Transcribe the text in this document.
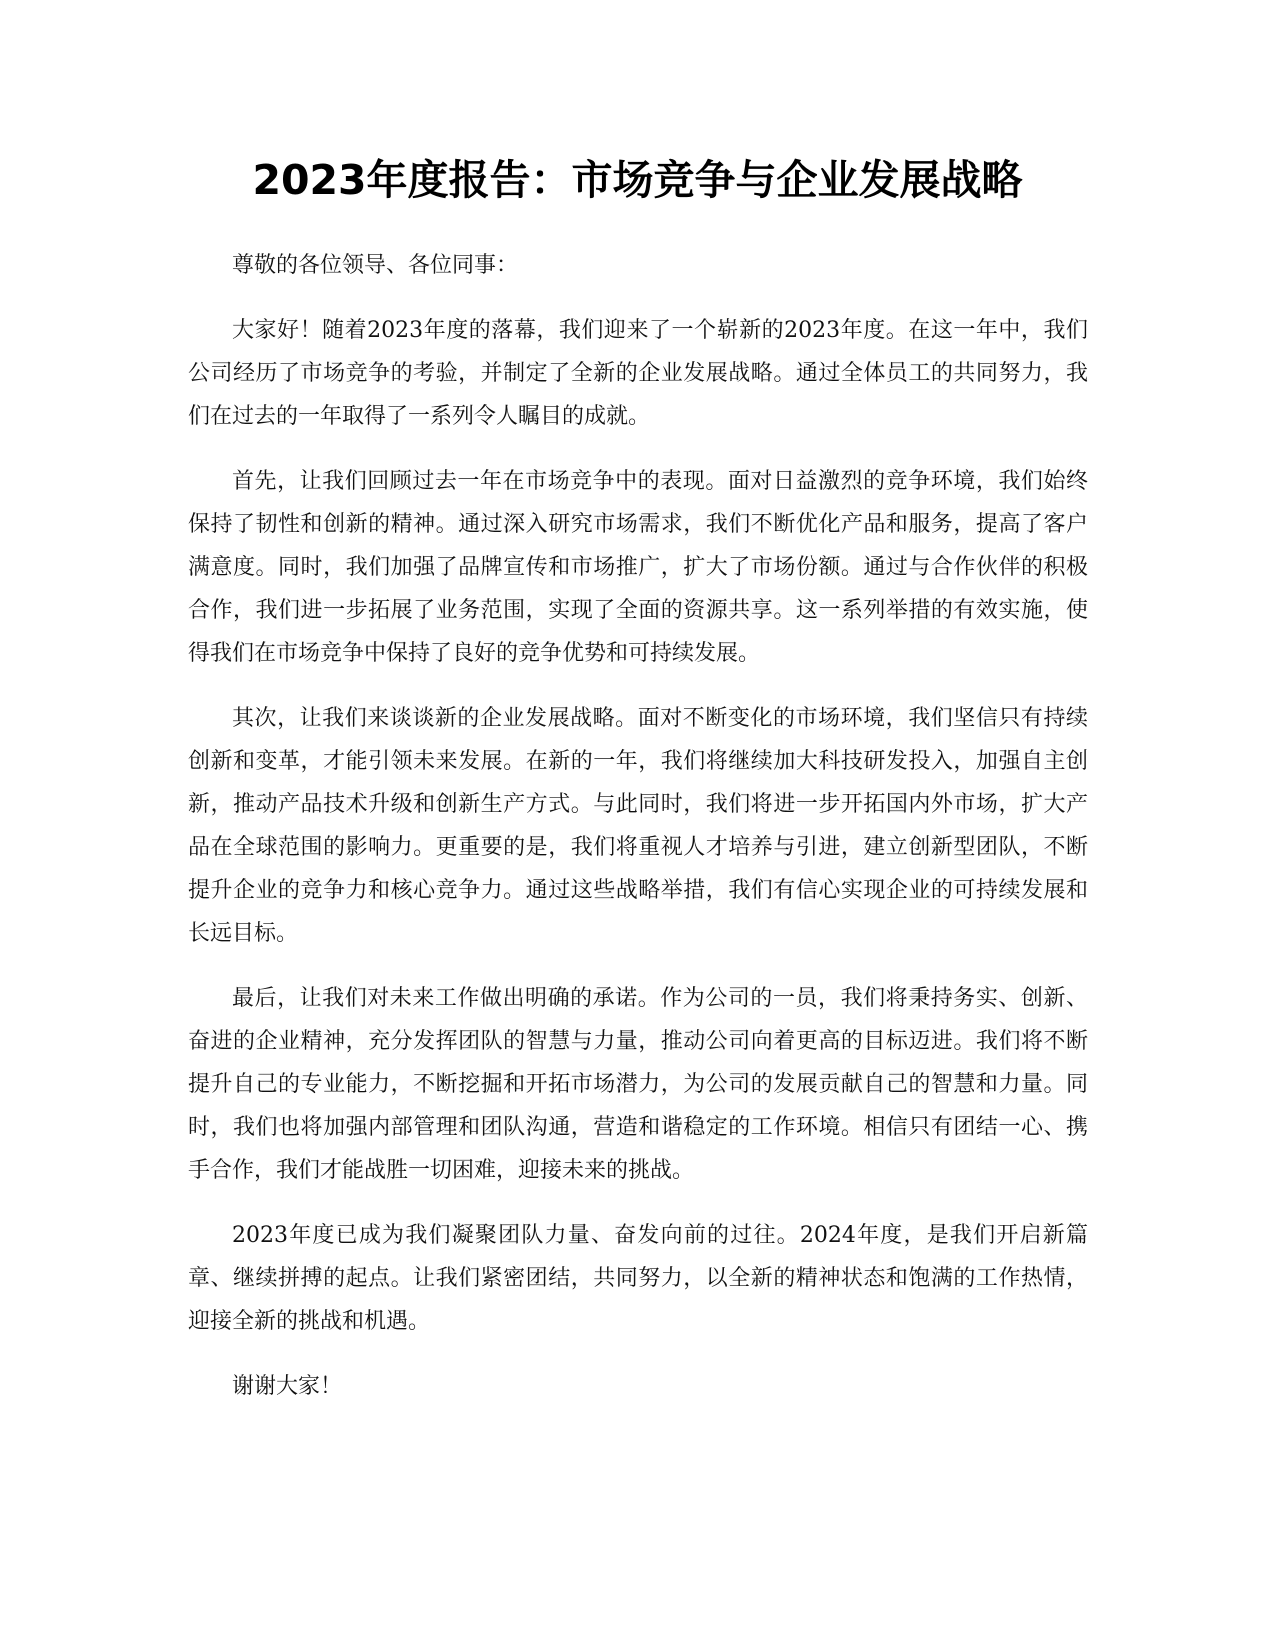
2023年度报告：市场竞争与企业发展战略

尊敬的各位领导、各位同事：

大家好！随着2023年度的落幕，我们迎来了一个崭新的2023年度。在这一年中，我们公司经历了市场竞争的考验，并制定了全新的企业发展战略。通过全体员工的共同努力，我们在过去的一年取得了一系列令人瞩目的成就。

首先，让我们回顾过去一年在市场竞争中的表现。面对日益激烈的竞争环境，我们始终保持了韧性和创新的精神。通过深入研究市场需求，我们不断优化产品和服务，提高了客户满意度。同时，我们加强了品牌宣传和市场推广，扩大了市场份额。通过与合作伙伴的积极合作，我们进一步拓展了业务范围，实现了全面的资源共享。这一系列举措的有效实施，使得我们在市场竞争中保持了良好的竞争优势和可持续发展。

其次，让我们来谈谈新的企业发展战略。面对不断变化的市场环境，我们坚信只有持续创新和变革，才能引领未来发展。在新的一年，我们将继续加大科技研发投入，加强自主创新，推动产品技术升级和创新生产方式。与此同时，我们将进一步开拓国内外市场，扩大产品在全球范围的影响力。更重要的是，我们将重视人才培养与引进，建立创新型团队，不断提升企业的竞争力和核心竞争力。通过这些战略举措，我们有信心实现企业的可持续发展和长远目标。

最后，让我们对未来工作做出明确的承诺。作为公司的一员，我们将秉持务实、创新、奋进的企业精神，充分发挥团队的智慧与力量，推动公司向着更高的目标迈进。我们将不断提升自己的专业能力，不断挖掘和开拓市场潜力，为公司的发展贡献自己的智慧和力量。同时，我们也将加强内部管理和团队沟通，营造和谐稳定的工作环境。相信只有团结一心、携手合作，我们才能战胜一切困难，迎接未来的挑战。

2023年度已成为我们凝聚团队力量、奋发向前的过往。2024年度，是我们开启新篇章、继续拼搏的起点。让我们紧密团结，共同努力，以全新的精神状态和饱满的工作热情，迎接全新的挑战和机遇。

谢谢大家！
